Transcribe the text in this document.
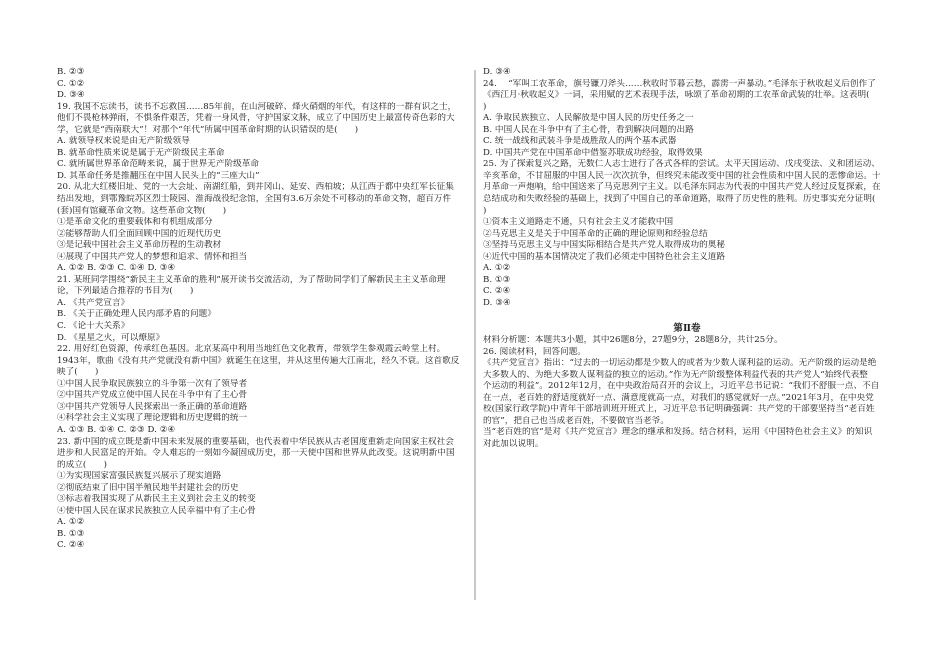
B. ②③
C. ①②
D. ③④
19. 我国不忘读书，读书不忘救国……85年前，在山河破碎、烽火硝烟的年代，有这样的一群有识之士，
他们不畏枪林弹雨，不惧条件艰苦，凭着一身风骨，守护国家文脉，成立了中国历史上最富传奇色彩的大
学，它就是“西南联大”！对那个“年代”所属中国革命时期的认识错误的是(　　)
A. 就领导权来说是由无产阶级领导
B. 就革命性质来说是属于无产阶级民主革命
C. 就所属世界革命范畴来说，属于世界无产阶级革命
D. 其革命任务是推翻压在中国人民头上的“三座大山”
20. 从北大红楼旧址、党的一大会址、南湖红船，到井冈山、延安、西柏坡；从江西于都中央红军长征集
结出发地，到鄂豫皖苏区烈士陵园、淮海战役纪念馆，全国有3.6万余处不可移动的革命文物，超百万件
(套)国有馆藏革命文物。这些革命文物(　　)
①是革命文化的重要载体和有机组成部分
②能够帮助人们全面回顾中国的近现代历史
③是记载中国社会主义革命历程的生动教材
④展现了中国共产党人的梦想和追求、情怀和担当
A. ①② B. ②③ C. ①④ D. ③④
21. 某班同学围绕“新民主主义革命的胜利”展开读书交流活动，为了帮助同学们了解新民主主义革命理
论，下列最适合推荐的书目为(　　)
A. 《共产党宣言》
B. 《关于正确处理人民内部矛盾的问题》
C. 《论十大关系》
D. 《星星之火，可以燎原》
22. 用好红色资源，传承红色基因。北京某高中利用当地红色文化教育，带领学生参观霞云岭堂上村。
1943年，歌曲《没有共产党就没有新中国》就诞生在这里，并从这里传遍大江南北，经久不衰。这首歌反
映了(　　)
①中国人民争取民族独立的斗争第一次有了领导者
②中国共产党成立使中国人民在斗争中有了主心骨
③中国共产党领导人民探索出一条正确的革命道路
④科学社会主义实现了理论逻辑和历史逻辑的统一
A. ①③ B. ①④ C. ②③ D. ②④
23. 新中国的成立既是新中国未来发展的重要基础，也代表着中华民族从古老国度重新走向国家主权社会
进步和人民富足的开始。令人难忘的一刻如今凝固成历史，那一天使中国和世界从此改变。这说明新中国
的成立(　　)
①为实现国家富强民族复兴展示了现实道路
②彻底结束了旧中国半殖民地半封建社会的历史
③标志着我国实现了从新民主主义到社会主义的转变
④使中国人民在谋求民族独立人民幸福中有了主心骨
A. ①②
B. ①③
C. ②④
D. ③④
24. 　“军叫工农革命，旗号镰刀斧头……秋收时节暮云愁，霹雳一声暴动。”毛泽东于秋收起义后创作了
《西江月·秋收起义》一词，采用赋的艺术表现手法，咏颂了革命初期的工农革命武装的壮举。这表明(
)
A. 争取民族独立、人民解放是中国人民的历史任务之一
B. 中国人民在斗争中有了主心骨，看到解决问题的出路
C. 统一战线和武装斗争是战胜敌人的两个基本武器
D. 中国共产党在中国革命中借鉴苏联成功经验，取得效果
25. 为了探索复兴之路，无数仁人志士进行了各式各样的尝试。太平天国运动、戊戌变法、义和团运动、
辛亥革命，不甘屈服的中国人民一次次抗争，但终究未能改变中国的社会性质和中国人民的悲惨命运。十
月革命一声炮响，给中国送来了马克思列宁主义。以毛泽东同志为代表的中国共产党人经过反复探索，在
总结成功和失败经验的基础上，找到了中国自己的革命道路，取得了历史性的胜利。历史事实充分证明(
)
①资本主义道路走不通，只有社会主义才能救中国
②马克思主义是关于中国革命的正确的理论原则和经验总结
③坚持马克思主义与中国实际相结合是共产党人取得成功的奥秘
④近代中国的基本国情决定了我们必须走中国特色社会主义道路
A. ①②
B. ①③
C. ②④
D. ③④
第Ⅱ卷
材料分析题：本题共3小题，其中26题8分，27题9分，28题8分，共计25分。
26. 阅读材料，回答问题。
《共产党宣言》指出：“过去的一切运动都是少数人的或者为少数人谋利益的运动。无产阶级的运动是绝
大多数人的、为绝大多数人谋利益的独立的运动。”作为无产阶级整体利益代表的共产党人“始终代表整
个运动的利益”。2012年12月，在中央政治局召开的会议上，习近平总书记说：“我们不舒服一点、不自
在一点，老百姓的舒适度就好一点、满意度就高一点，对我们的感觉就好一点。”2021年3月，在中央党
校(国家行政学院)中青年干部培训班开班式上，习近平总书记明确强调：共产党的干部要坚持当“老百姓
的官”，把自己也当成老百姓，不要做官当老爷。
当“老百姓的官”是对《共产党宣言》理念的继承和发扬。结合材料，运用《中国特色社会主义》的知识
对此加以说明。
